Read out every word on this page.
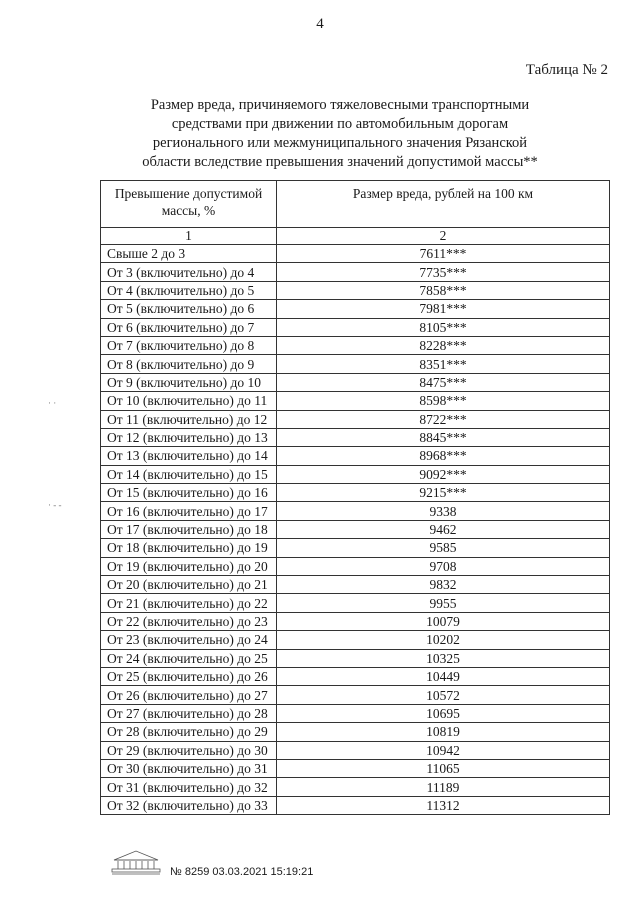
4
Таблица № 2
Размер вреда, причиняемого тяжеловесными транспортными
средствами при движении по автомобильным дорогам
регионального или межмуниципального значения Рязанской
области вследствие превышения значений допустимой массы**
Превышение допустимой массы, %	Размер вреда, рублей на 100 км
1	2
Свыше 2 до 3	7611***
От 3 (включительно) до 4	7735***
От 4 (включительно) до 5	7858***
От 5 (включительно) до 6	7981***
От 6 (включительно) до 7	8105***
От 7 (включительно) до 8	8228***
От 8 (включительно) до 9	8351***
От 9 (включительно) до 10	8475***
От 10 (включительно) до 11	8598***
От 11 (включительно) до 12	8722***
От 12 (включительно) до 13	8845***
От 13 (включительно) до 14	8968***
От 14 (включительно) до 15	9092***
От 15 (включительно) до 16	9215***
От 16 (включительно) до 17	9338
От 17 (включительно) до 18	9462
От 18 (включительно) до 19	9585
От 19 (включительно) до 20	9708
От 20 (включительно) до 21	9832
От 21 (включительно) до 22	9955
От 22 (включительно) до 23	10079
От 23 (включительно) до 24	10202
От 24 (включительно) до 25	10325
От 25 (включительно) до 26	10449
От 26 (включительно) до 27	10572
От 27 (включительно) до 28	10695
От 28 (включительно) до 29	10819
От 29 (включительно) до 30	10942
От 30 (включительно) до 31	11065
От 31 (включительно) до 32	11189
От 32 (включительно) до 33	11312
№ 8259 03.03.2021 15:19:21
· ·
· - -
